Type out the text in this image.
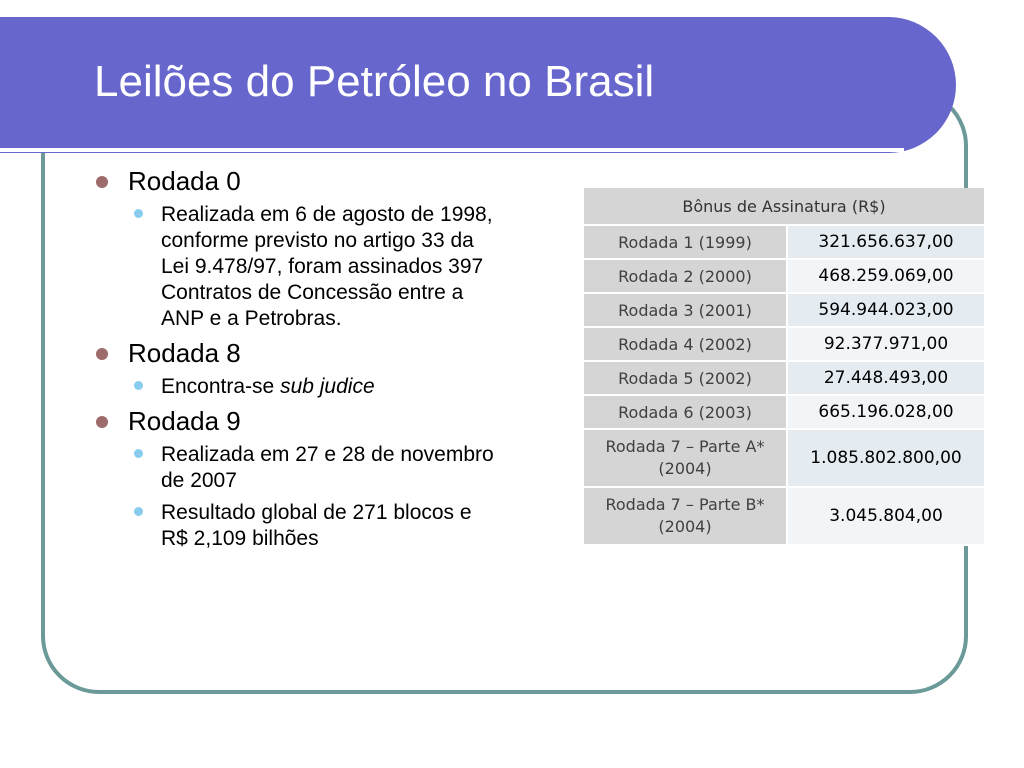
Leilões do Petróleo no Brasil
Rodada 0
Realizada em 6 de agosto de 1998, conforme previsto no artigo 33 da Lei 9.478/97, foram assinados 397 Contratos de Concessão entre a ANP e a Petrobras.
Rodada 8
Encontra-se sub judice
Rodada 9
Realizada em 27 e 28 de novembro de 2007
Resultado global de 271 blocos e R$ 2,109 bilhões
Bônus de Assinatura (R$)	
Rodada 1 (1999)	321.656.637,00
Rodada 2 (2000)	468.259.069,00
Rodada 3 (2001)	594.944.023,00
Rodada 4 (2002)	92.377.971,00
Rodada 5 (2002)	27.448.493,00
Rodada 6 (2003)	665.196.028,00
Rodada 7 – Parte A* (2004)	1.085.802.800,00
Rodada 7 – Parte B* (2004)	3.045.804,00
